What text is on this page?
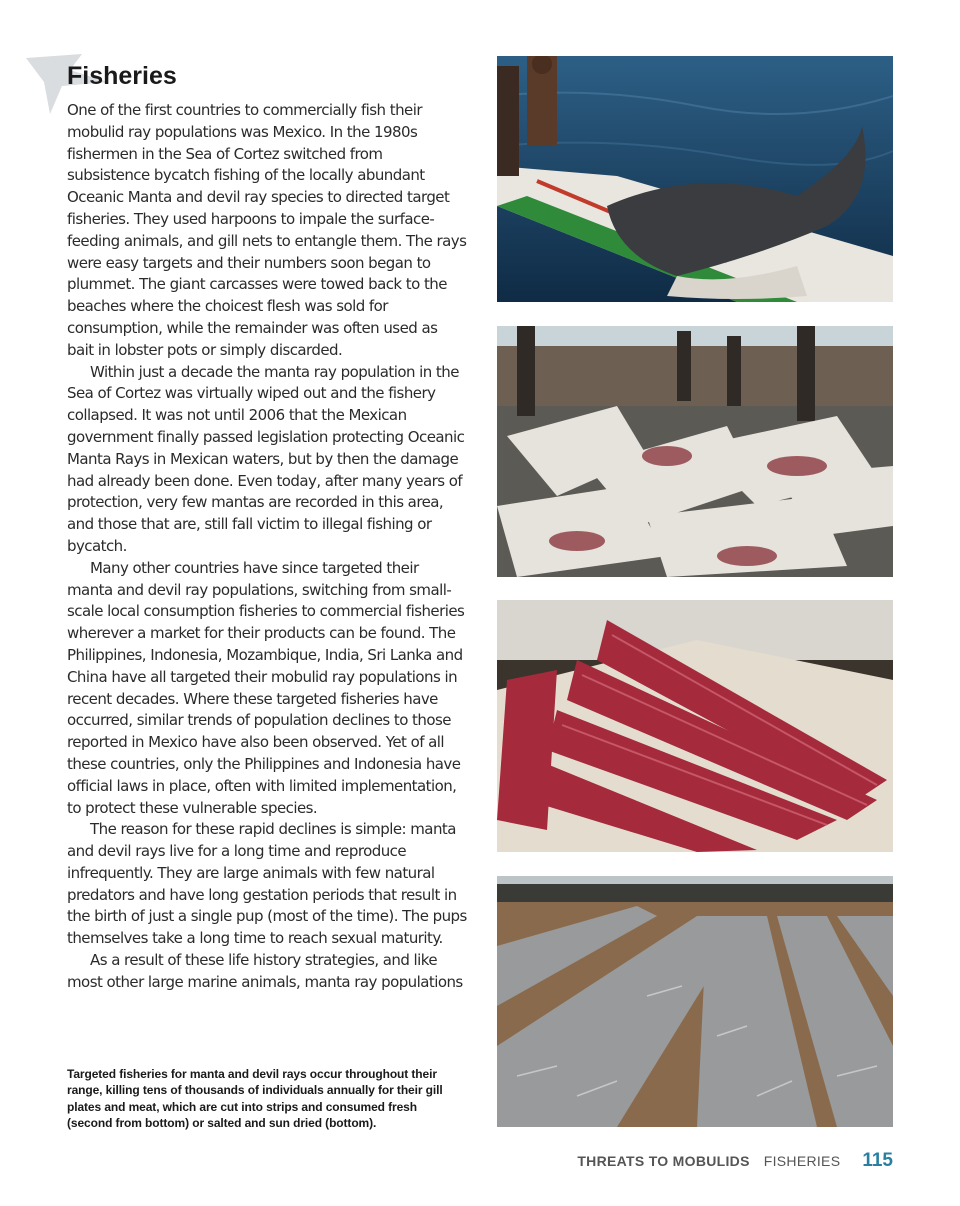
Fisheries

One of the first countries to commercially fish their mobulid ray populations was Mexico. In the 1980s fishermen in the Sea of Cortez switched from subsistence bycatch fishing of the locally abundant Oceanic Manta and devil ray species to directed target fisheries. They used harpoons to impale the surface-feeding animals, and gill nets to entangle them. The rays were easy targets and their numbers soon began to plummet. The giant carcasses were towed back to the beaches where the choicest flesh was sold for consumption, while the remainder was often used as bait in lobster pots or simply discarded.

Within just a decade the manta ray population in the Sea of Cortez was virtually wiped out and the fishery collapsed. It was not until 2006 that the Mexican government finally passed legislation protecting Oceanic Manta Rays in Mexican waters, but by then the damage had already been done. Even today, after many years of protection, very few mantas are recorded in this area, and those that are, still fall victim to illegal fishing or bycatch.

Many other countries have since targeted their manta and devil ray populations, switching from small-scale local consumption fisheries to commercial fisheries wherever a market for their products can be found. The Philippines, Indonesia, Mozambique, India, Sri Lanka and China have all targeted their mobulid ray populations in recent decades. Where these targeted fisheries have occurred, similar trends of population declines to those reported in Mexico have also been observed. Yet of all these countries, only the Philippines and Indonesia have official laws in place, often with limited implementation, to protect these vulnerable species.

The reason for these rapid declines is simple: manta and devil rays live for a long time and reproduce infrequently. They are large animals with few natural predators and have long gestation periods that result in the birth of just a single pup (most of the time). The pups themselves take a long time to reach sexual maturity.

As a result of these life history strategies, and like most other large marine animals, manta ray populations

Targeted fisheries for manta and devil rays occur throughout their range, killing tens of thousands of individuals annually for their gill plates and meat, which are cut into strips and consumed fresh (second from bottom) or salted and sun dried (bottom).
THREATS TO MOBULIDS FISHERIES 115
